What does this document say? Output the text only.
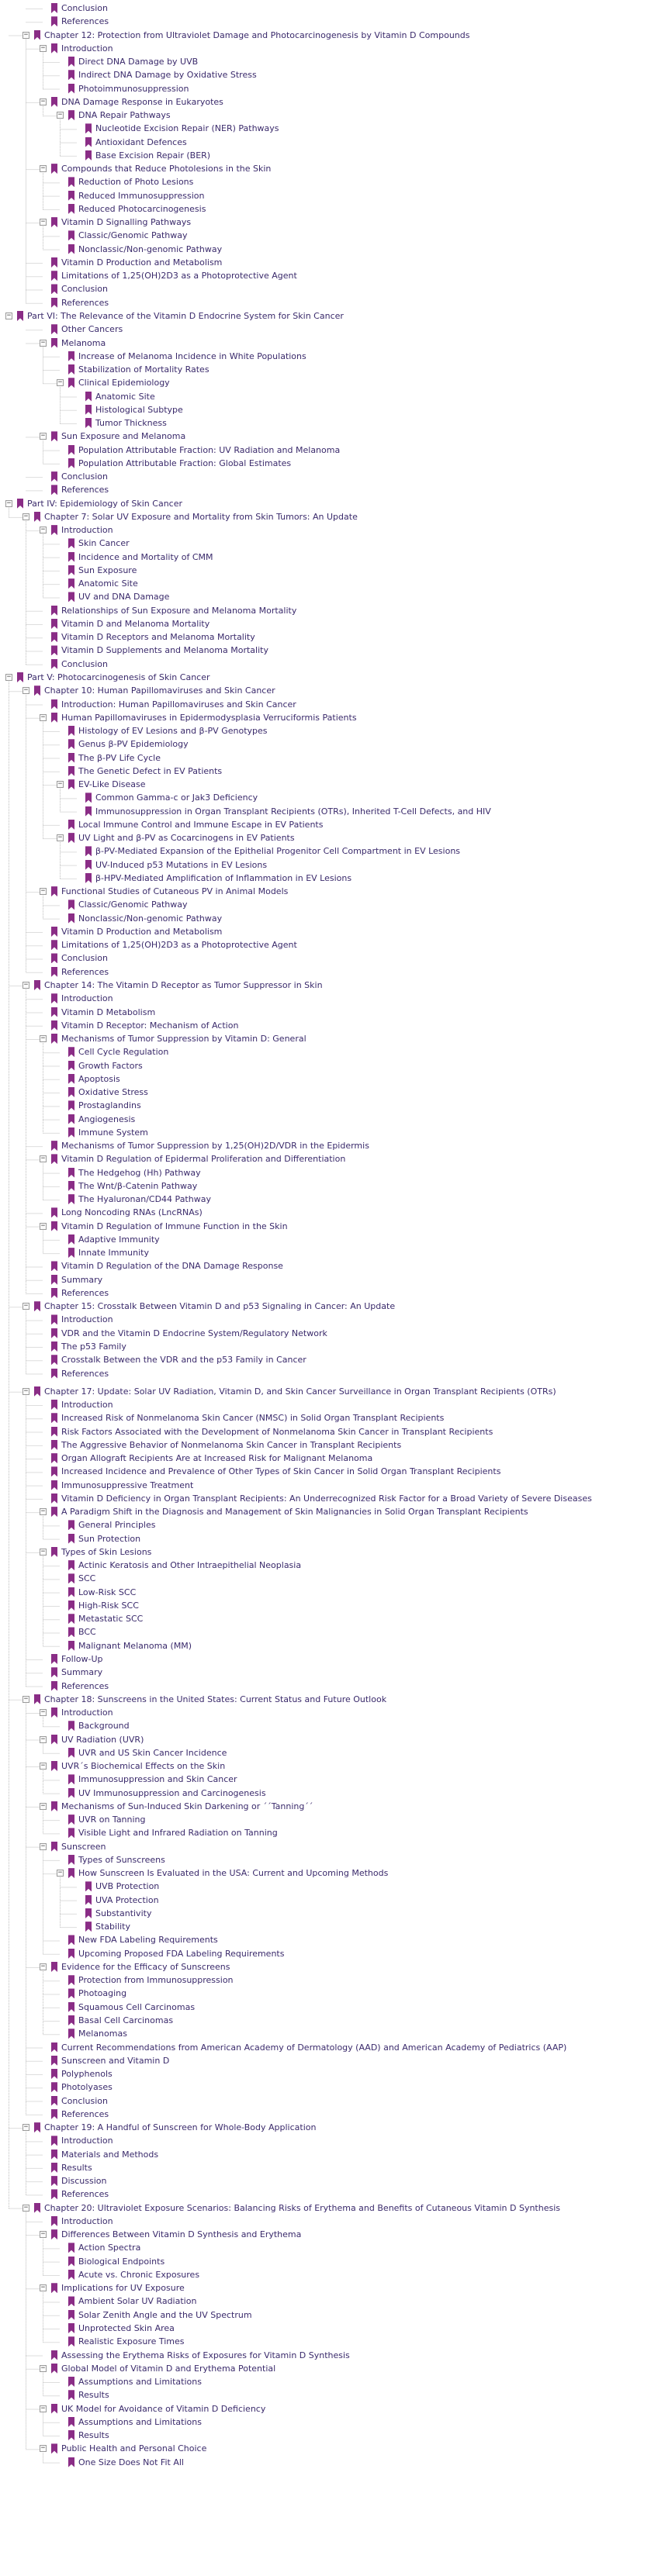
Conclusion
References
− Chapter 12: Protection from Ultraviolet Damage and Photocarcinogenesis by Vitamin D Compounds
− Introduction
Direct DNA Damage by UVB
Indirect DNA Damage by Oxidative Stress
Photoimmunosuppression
− DNA Damage Response in Eukaryotes
− DNA Repair Pathways
Nucleotide Excision Repair (NER) Pathways
Antioxidant Defences
Base Excision Repair (BER)
− Compounds that Reduce Photolesions in the Skin
Reduction of Photo Lesions
Reduced Immunosuppression
Reduced Photocarcinogenesis
− Vitamin D Signalling Pathways
Classic/Genomic Pathway
Nonclassic/Non-genomic Pathway
Vitamin D Production and Metabolism
Limitations of 1,25(OH)2D3 as a Photoprotective Agent
Conclusion
References
− Part VI: The Relevance of the Vitamin D Endocrine System for Skin Cancer
Other Cancers
− Melanoma
Increase of Melanoma Incidence in White Populations
Stabilization of Mortality Rates
− Clinical Epidemiology
Anatomic Site
Histological Subtype
Tumor Thickness
− Sun Exposure and Melanoma
Population Attributable Fraction: UV Radiation and Melanoma
Population Attributable Fraction: Global Estimates
Conclusion
References
− Part IV: Epidemiology of Skin Cancer
− Chapter 7: Solar UV Exposure and Mortality from Skin Tumors: An Update
− Introduction
Skin Cancer
Incidence and Mortality of CMM
Sun Exposure
Anatomic Site
UV and DNA Damage
Relationships of Sun Exposure and Melanoma Mortality
Vitamin D and Melanoma Mortality
Vitamin D Receptors and Melanoma Mortality
Vitamin D Supplements and Melanoma Mortality
Conclusion
− Part V: Photocarcinogenesis of Skin Cancer
− Chapter 10: Human Papillomaviruses and Skin Cancer
Introduction: Human Papillomaviruses and Skin Cancer
− Human Papillomaviruses in Epidermodysplasia Verruciformis Patients
Histology of EV Lesions and β-PV Genotypes
Genus β-PV Epidemiology
The β-PV Life Cycle
The Genetic Defect in EV Patients
− EV-Like Disease
Common Gamma-c or Jak3 Deficiency
Immunosuppression in Organ Transplant Recipients (OTRs), Inherited T-Cell Defects, and HIV
Local Immune Control and Immune Escape in EV Patients
− UV Light and β-PV as Cocarcinogens in EV Patients
β-PV-Mediated Expansion of the Epithelial Progenitor Cell Compartment in EV Lesions
UV-Induced p53 Mutations in EV Lesions
β-HPV-Mediated Amplification of Inflammation in EV Lesions
− Functional Studies of Cutaneous PV in Animal Models
Classic/Genomic Pathway
Nonclassic/Non-genomic Pathway
Vitamin D Production and Metabolism
Limitations of 1,25(OH)2D3 as a Photoprotective Agent
Conclusion
References
− Chapter 14: The Vitamin D Receptor as Tumor Suppressor in Skin
Introduction
Vitamin D Metabolism
Vitamin D Receptor: Mechanism of Action
− Mechanisms of Tumor Suppression by Vitamin D: General
Cell Cycle Regulation
Growth Factors
Apoptosis
Oxidative Stress
Prostaglandins
Angiogenesis
Immune System
Mechanisms of Tumor Suppression by 1,25(OH)2D/VDR in the Epidermis
− Vitamin D Regulation of Epidermal Proliferation and Differentiation
The Hedgehog (Hh) Pathway
The Wnt/β-Catenin Pathway
The Hyaluronan/CD44 Pathway
Long Noncoding RNAs (LncRNAs)
− Vitamin D Regulation of Immune Function in the Skin
Adaptive Immunity
Innate Immunity
Vitamin D Regulation of the DNA Damage Response
Summary
References
− Chapter 15: Crosstalk Between Vitamin D and p53 Signaling in Cancer: An Update
Introduction
VDR and the Vitamin D Endocrine System/Regulatory Network
The p53 Family
Crosstalk Between the VDR and the p53 Family in Cancer
References
− Chapter 17: Update: Solar UV Radiation, Vitamin D, and Skin Cancer Surveillance in Organ Transplant Recipients (OTRs)
Introduction
Increased Risk of Nonmelanoma Skin Cancer (NMSC) in Solid Organ Transplant Recipients
Risk Factors Associated with the Development of Nonmelanoma Skin Cancer in Transplant Recipients
The Aggressive Behavior of Nonmelanoma Skin Cancer in Transplant Recipients
Organ Allograft Recipients Are at Increased Risk for Malignant Melanoma
Increased Incidence and Prevalence of Other Types of Skin Cancer in Solid Organ Transplant Recipients
Immunosuppressive Treatment
Vitamin D Deficiency in Organ Transplant Recipients: An Underrecognized Risk Factor for a Broad Variety of Severe Diseases
− A Paradigm Shift in the Diagnosis and Management of Skin Malignancies in Solid Organ Transplant Recipients
General Principles
Sun Protection
− Types of Skin Lesions
Actinic Keratosis and Other Intraepithelial Neoplasia
SCC
Low-Risk SCC
High-Risk SCC
Metastatic SCC
BCC
Malignant Melanoma (MM)
Follow-Up
Summary
References
− Chapter 18: Sunscreens in the United States: Current Status and Future Outlook
− Introduction
Background
− UV Radiation (UVR)
UVR and US Skin Cancer Incidence
− UVR´s Biochemical Effects on the Skin
Immunosuppression and Skin Cancer
UV Immunosuppression and Carcinogenesis
− Mechanisms of Sun-Induced Skin Darkening or ´´Tanning´´
UVR on Tanning
Visible Light and Infrared Radiation on Tanning
− Sunscreen
Types of Sunscreens
− How Sunscreen Is Evaluated in the USA: Current and Upcoming Methods
UVB Protection
UVA Protection
Substantivity
Stability
New FDA Labeling Requirements
Upcoming Proposed FDA Labeling Requirements
− Evidence for the Efficacy of Sunscreens
Protection from Immunosuppression
Photoaging
Squamous Cell Carcinomas
Basal Cell Carcinomas
Melanomas
Current Recommendations from American Academy of Dermatology (AAD) and American Academy of Pediatrics (AAP)
Sunscreen and Vitamin D
Polyphenols
Photolyases
Conclusion
References
− Chapter 19: A Handful of Sunscreen for Whole-Body Application
Introduction
Materials and Methods
Results
Discussion
References
− Chapter 20: Ultraviolet Exposure Scenarios: Balancing Risks of Erythema and Benefits of Cutaneous Vitamin D Synthesis
Introduction
− Differences Between Vitamin D Synthesis and Erythema
Action Spectra
Biological Endpoints
Acute vs. Chronic Exposures
− Implications for UV Exposure
Ambient Solar UV Radiation
Solar Zenith Angle and the UV Spectrum
Unprotected Skin Area
Realistic Exposure Times
Assessing the Erythema Risks of Exposures for Vitamin D Synthesis
− Global Model of Vitamin D and Erythema Potential
Assumptions and Limitations
Results
− UK Model for Avoidance of Vitamin D Deficiency
Assumptions and Limitations
Results
− Public Health and Personal Choice
One Size Does Not Fit All
